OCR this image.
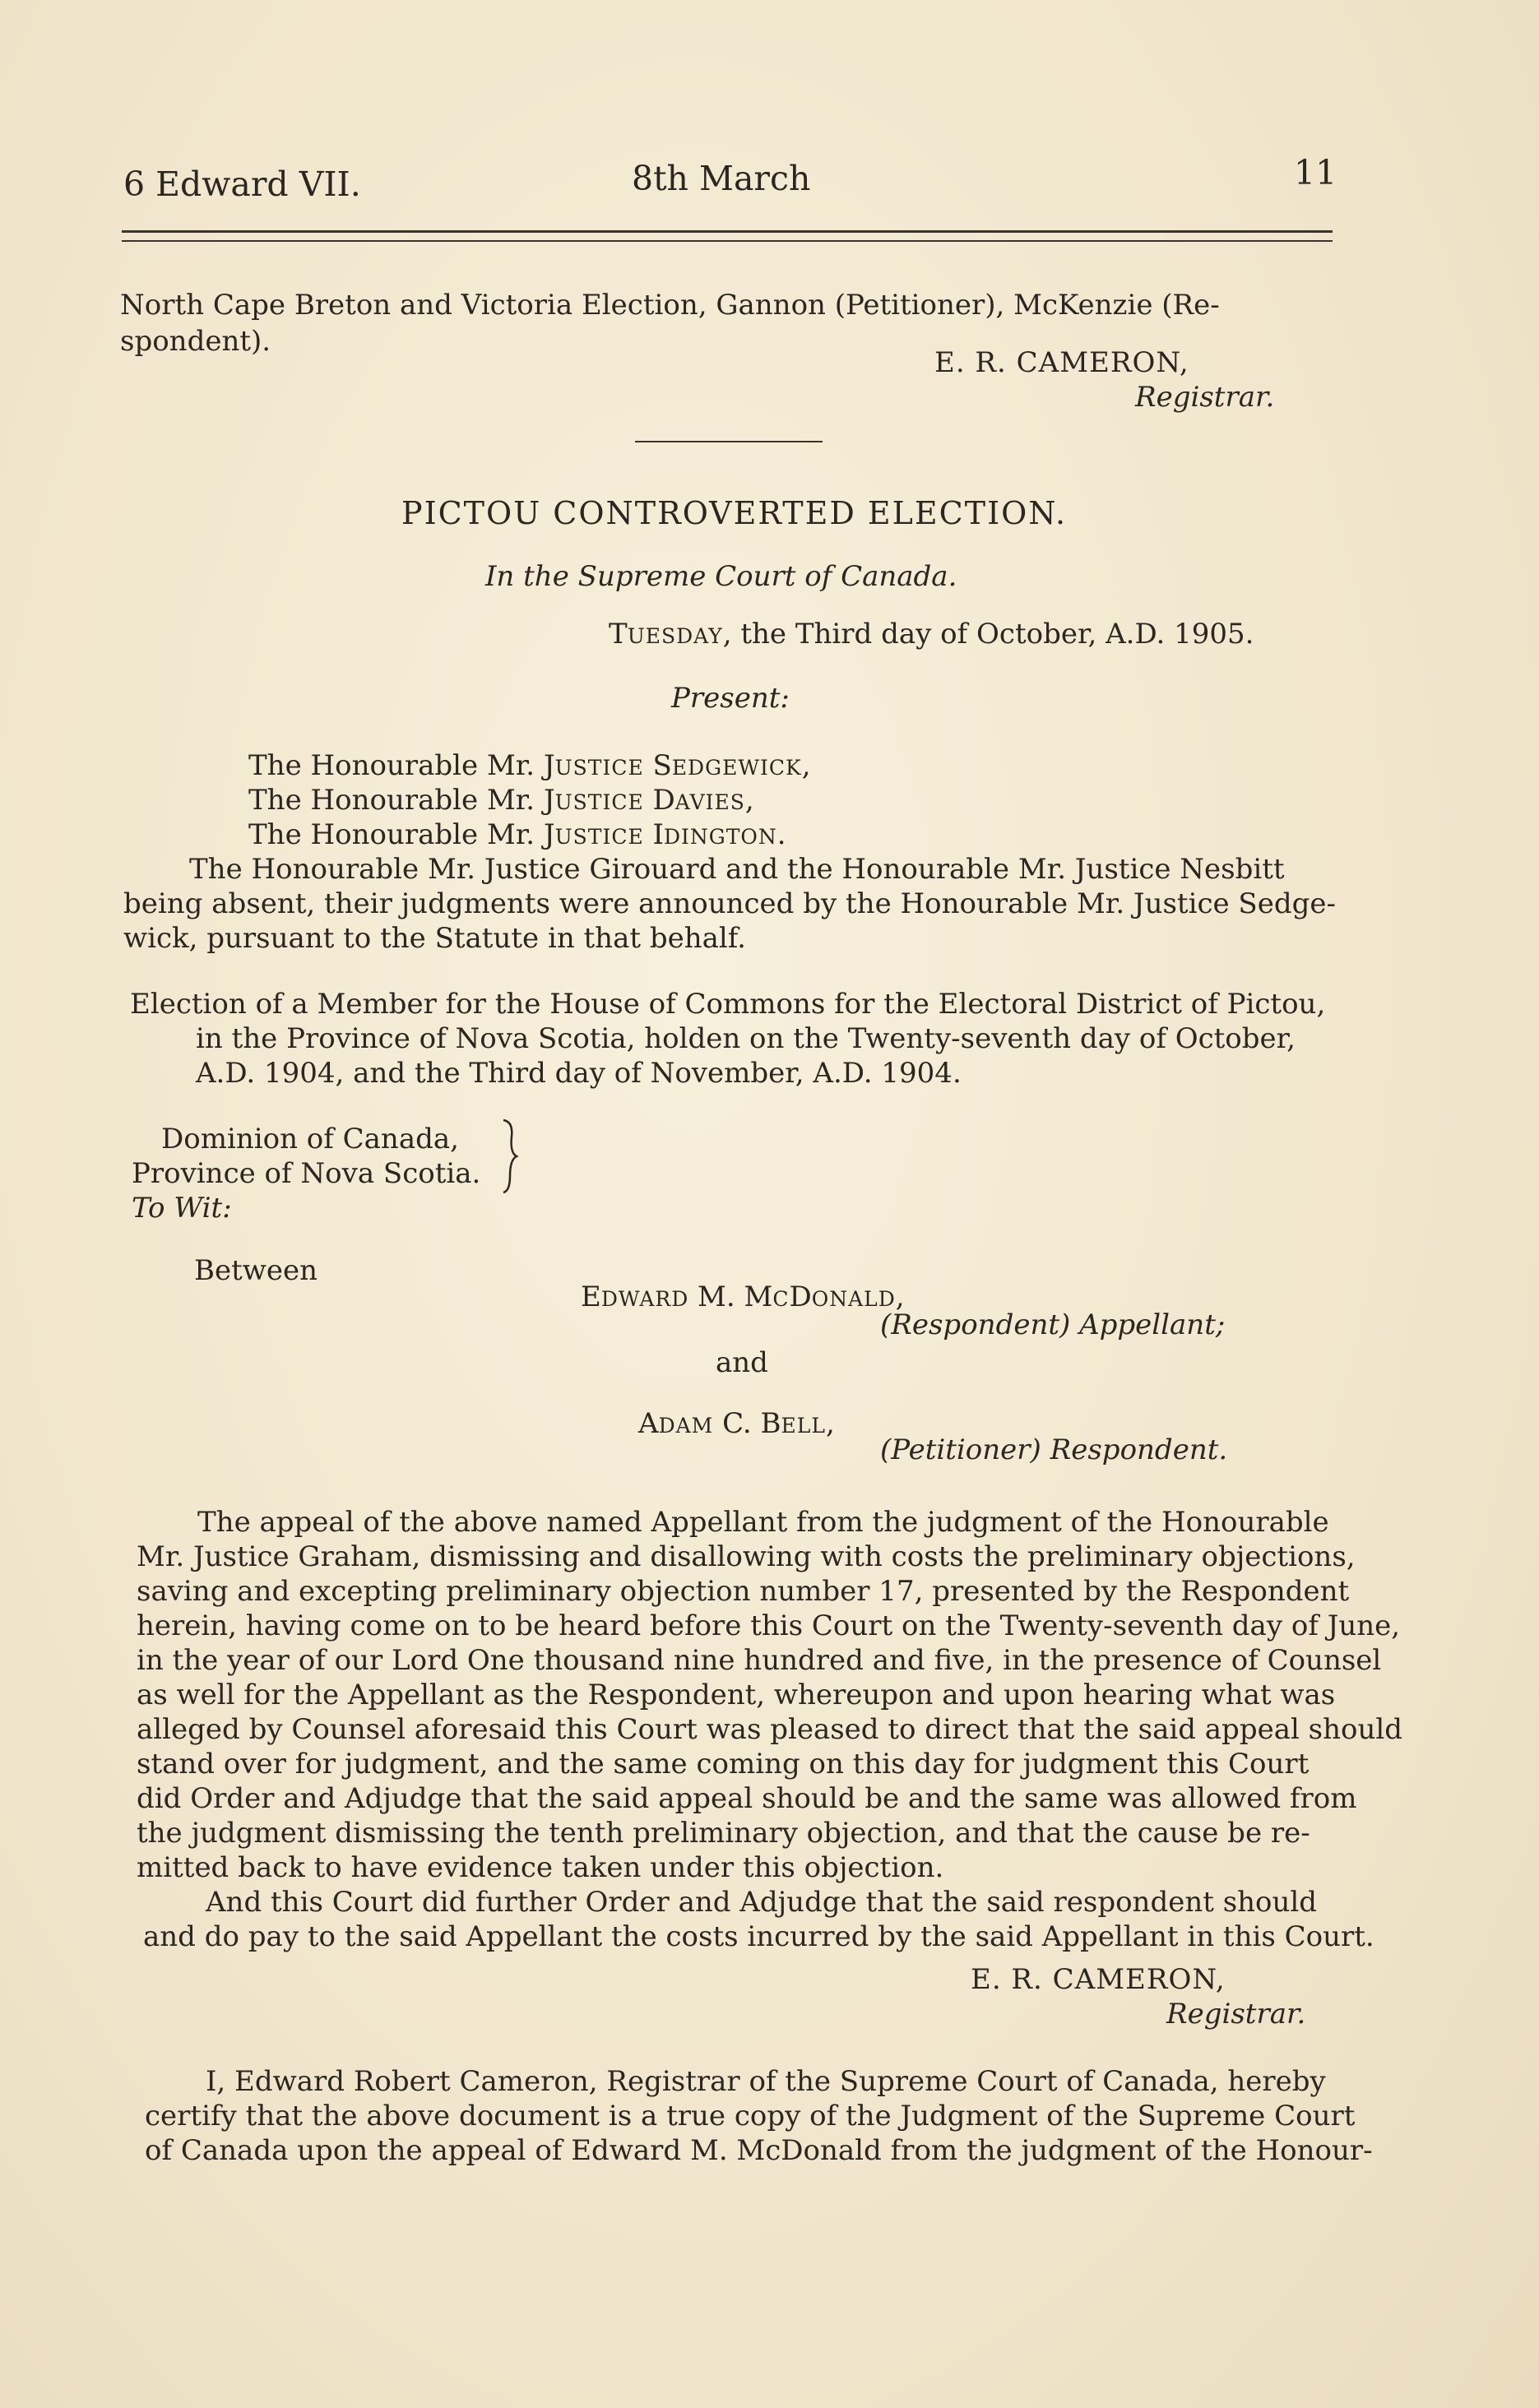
6 Edward VII.	8th March	11
North Cape Breton and Victoria Election, Gannon (Petitioner), McKenzie (Re-
spondent).
E. R. CAMERON,
Registrar.
PICTOU CONTROVERTED ELECTION.
In the Supreme Court of Canada.
TUESDAY, the Third day of October, A.D. 1905.
Present:
The Honourable Mr. JUSTICE SEDGEWICK,
The Honourable Mr. JUSTICE DAVIES,
The Honourable Mr. JUSTICE IDINGTON.
The Honourable Mr. Justice Girouard and the Honourable Mr. Justice Nesbitt
being absent, their judgments were announced by the Honourable Mr. Justice Sedge-
wick, pursuant to the Statute in that behalf.
Election of a Member for the House of Commons for the Electoral District of Pictou,
in the Province of Nova Scotia, holden on the Twenty-seventh day of October,
A.D. 1904, and the Third day of November, A.D. 1904.
Dominion of Canada,
Province of Nova Scotia.
To Wit:
Between
EDWARD M. MCDONALD,
(Respondent) Appellant;
and
ADAM C. BELL,
(Petitioner) Respondent.
The appeal of the above named Appellant from the judgment of the Honourable
Mr. Justice Graham, dismissing and disallowing with costs the preliminary objections,
saving and excepting preliminary objection number 17, presented by the Respondent
herein, having come on to be heard before this Court on the Twenty-seventh day of June,
in the year of our Lord One thousand nine hundred and five, in the presence of Counsel
as well for the Appellant as the Respondent, whereupon and upon hearing what was
alleged by Counsel aforesaid this Court was pleased to direct that the said appeal should
stand over for judgment, and the same coming on this day for judgment this Court
did Order and Adjudge that the said appeal should be and the same was allowed from
the judgment dismissing the tenth preliminary objection, and that the cause be re-
mitted back to have evidence taken under this objection.
And this Court did further Order and Adjudge that the said respondent should
and do pay to the said Appellant the costs incurred by the said Appellant in this Court.
E. R. CAMERON,
Registrar.
I, Edward Robert Cameron, Registrar of the Supreme Court of Canada, hereby
certify that the above document is a true copy of the Judgment of the Supreme Court
of Canada upon the appeal of Edward M. McDonald from the judgment of the Honour-
